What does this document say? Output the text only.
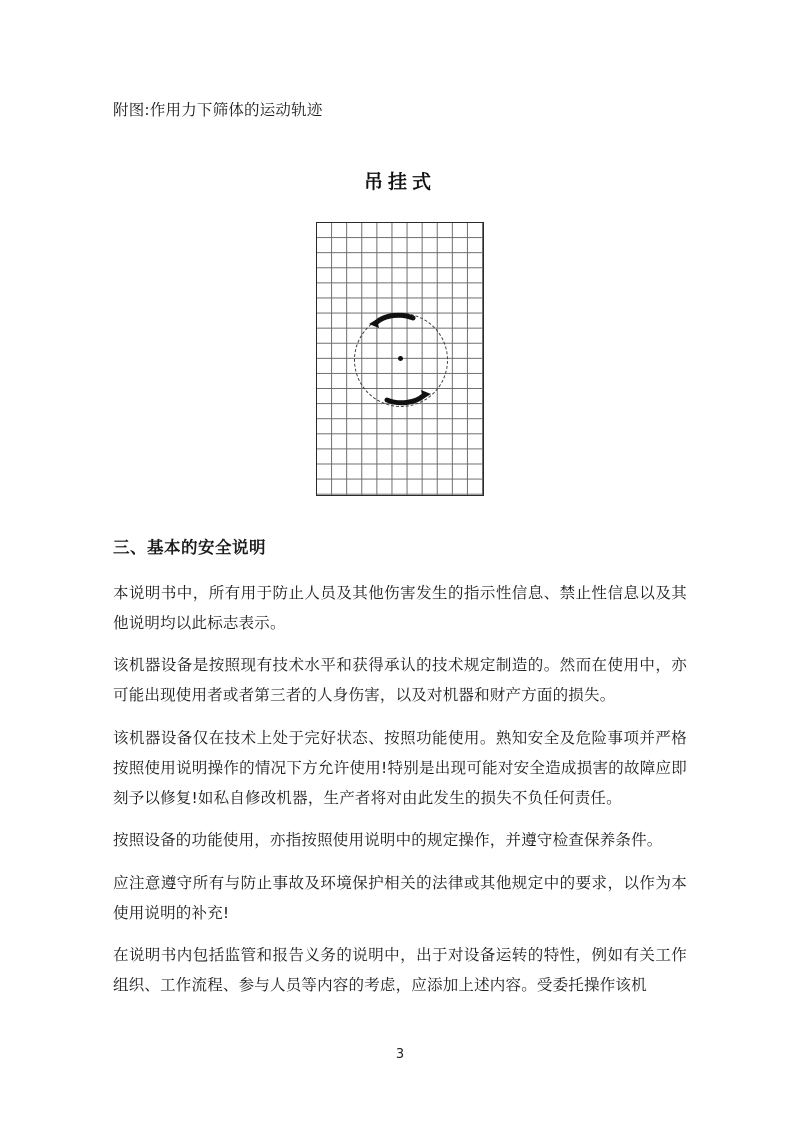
附图:作用力下筛体的运动轨迹

吊挂式
三、基本的安全说明

本说明书中，所有用于防止人员及其他伤害发生的指示性信息、禁止性信息以及其他说明均以此标志表示。

该机器设备是按照现有技术水平和获得承认的技术规定制造的。然而在使用中，亦可能出现使用者或者第三者的人身伤害，以及对机器和财产方面的损失。

该机器设备仅在技术上处于完好状态、按照功能使用。熟知安全及危险事项并严格按照使用说明操作的情况下方允许使用!特别是出现可能对安全造成损害的故障应即刻予以修复!如私自修改机器，生产者将对由此发生的损失不负任何责任。

按照设备的功能使用，亦指按照使用说明中的规定操作，并遵守检查保养条件。

应注意遵守所有与防止事故及环境保护相关的法律或其他规定中的要求，以作为本使用说明的补充!

在说明书内包括监管和报告义务的说明中，出于对设备运转的特性，例如有关工作组织、工作流程、参与人员等内容的考虑，应添加上述内容。受委托操作该机

3
